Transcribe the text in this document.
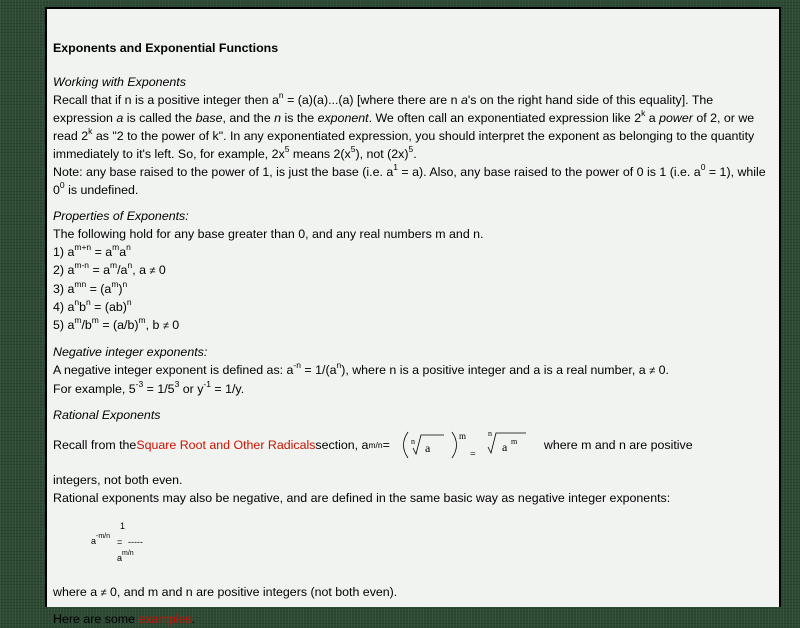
Exponents and Exponential Functions

Working with Exponents

Recall that if n is a positive integer then $a^n = (a)(a)...(a)$ [where there are n a's on the right hand side of this equality]. The expression a is called the base, and the n is the exponent. We often call an exponentiated expression like 2$^k$ a power of 2, or we read 2$^k$ as "2 to the power of k". In any exponentiated expression, you should interpret the exponent as belonging to the quantity immediately to it's left. So, for example, $2x^5$ means $2(x^5)$, not $(2x)^5$.

Note: any base raised to the power of 1, is just the base (i.e. $a^1 = a$). Also, any base raised to the power of 0 is 1 (i.e. $a^0 = 1$), while $0^0$ is undefined.

Properties of Exponents:

The following hold for any base greater than 0, and any real numbers m and n.

1) $a^{m+n} = a^ma^n$

2) $a^{m-n} = a^m/a^n$, a ≠ 0

3) $a^{mn} = (a^m)^n$

4) $a^nb^n = (ab)^n$

5) $a^m/b^m = (a/b)^m$, b ≠ 0

Negative integer exponents:

A negative integer exponent is defined as: $a^{-n} = 1/(a^n)$, where n is a positive integer and a is a real number, a ≠ 0.

For example, $5^{-3} = 1/5^3$ or $y^{-1} = 1/y$.

Rational Exponents

Recall from the Square Root and Other Radicals section, a m/n =	n a
m
=
n
a m where m and n are positive

integers, not both even.

Rational exponents may also be negative, and are defined in the same basic way as negative integer exponents:

1
$a^{-m/n}$
= -----
$a^{m/n}$

where a ≠ 0, and m and n are positive integers (not both even).

Here are some examples.
